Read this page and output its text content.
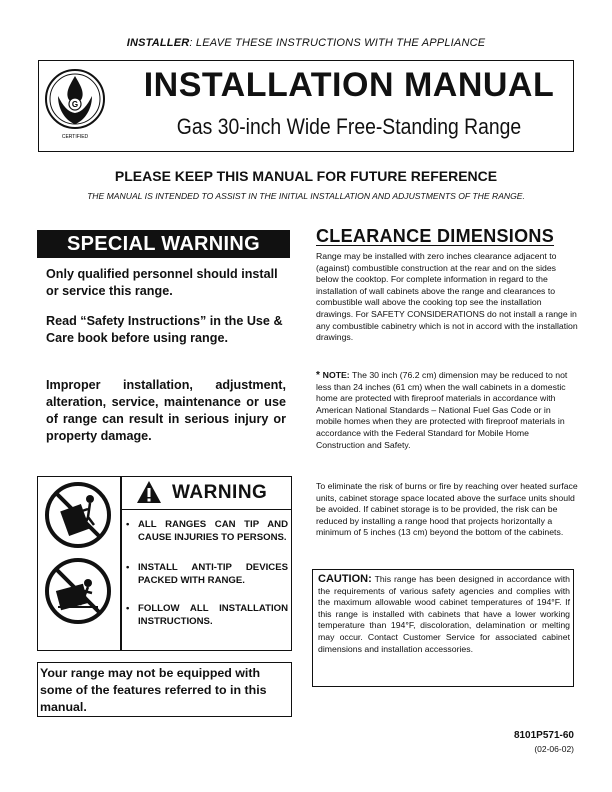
INSTALLER: LEAVE THESE INSTRUCTIONS WITH THE APPLIANCE
G
CERTIFIED
INSTALLATION MANUAL
Gas 30-inch Wide Free-Standing Range
PLEASE KEEP THIS MANUAL FOR FUTURE REFERENCE
THE MANUAL IS INTENDED TO ASSIST IN THE INITIAL INSTALLATION AND ADJUSTMENTS OF THE RANGE.
SPECIAL WARNING
Only qualified personnel should install or service this range.
Read “Safety Instructions” in the Use & Care book before using range.
Improper installation, adjustment, alteration, service, maintenance or use of range can result in serious injury or property damage.
WARNING
• ALL RANGES CAN TIP AND CAUSE INJURIES TO PERSONS.
• INSTALL ANTI-TIP DEVICES PACKED WITH RANGE.
• FOLLOW ALL INSTALLATION INSTRUCTIONS.
Your range may not be equipped with some of the features referred to in this manual.
CLEARANCE DIMENSIONS
Range may be installed with zero inches clearance adjacent to (against) combustible construction at the rear and on the sides below the cooktop. For complete information in regard to the installation of wall cabinets above the range and clearances to combustible wall above the cooking top see the installation drawings. For SAFETY CONSIDERATIONS do not install a range in any combustible cabinetry which is not in accord with the installation drawings.
* NOTE: The 30 inch (76.2 cm) dimension may be reduced to not less than 24 inches (61 cm) when the wall cabinets in a domestic home are protected with fireproof materials in accordance with American National Standards – National Fuel Gas Code or in mobile homes when they are protected with fireproof materials in accordance with the Federal Standard for Mobile Home Construction and Safety.
To eliminate the risk of burns or fire by reaching over heated surface units, cabinet storage space located above the surface units should be avoided. If cabinet storage is to be provided, the risk can be reduced by installing a range hood that projects horizontally a minimum of 5 inches (13 cm) beyond the bottom of the cabinets.
CAUTION: This range has been designed in accordance with the requirements of various safety agencies and complies with the maximum allowable wood cabinet temperatures of 194°F. If this range is installed with cabinets that have a lower working temperature than 194°F, discoloration, delamination or melting may occur. Contact Customer Service for associated cabinet dimensions and installation accessories.
8101P571-60
(02-06-02)
